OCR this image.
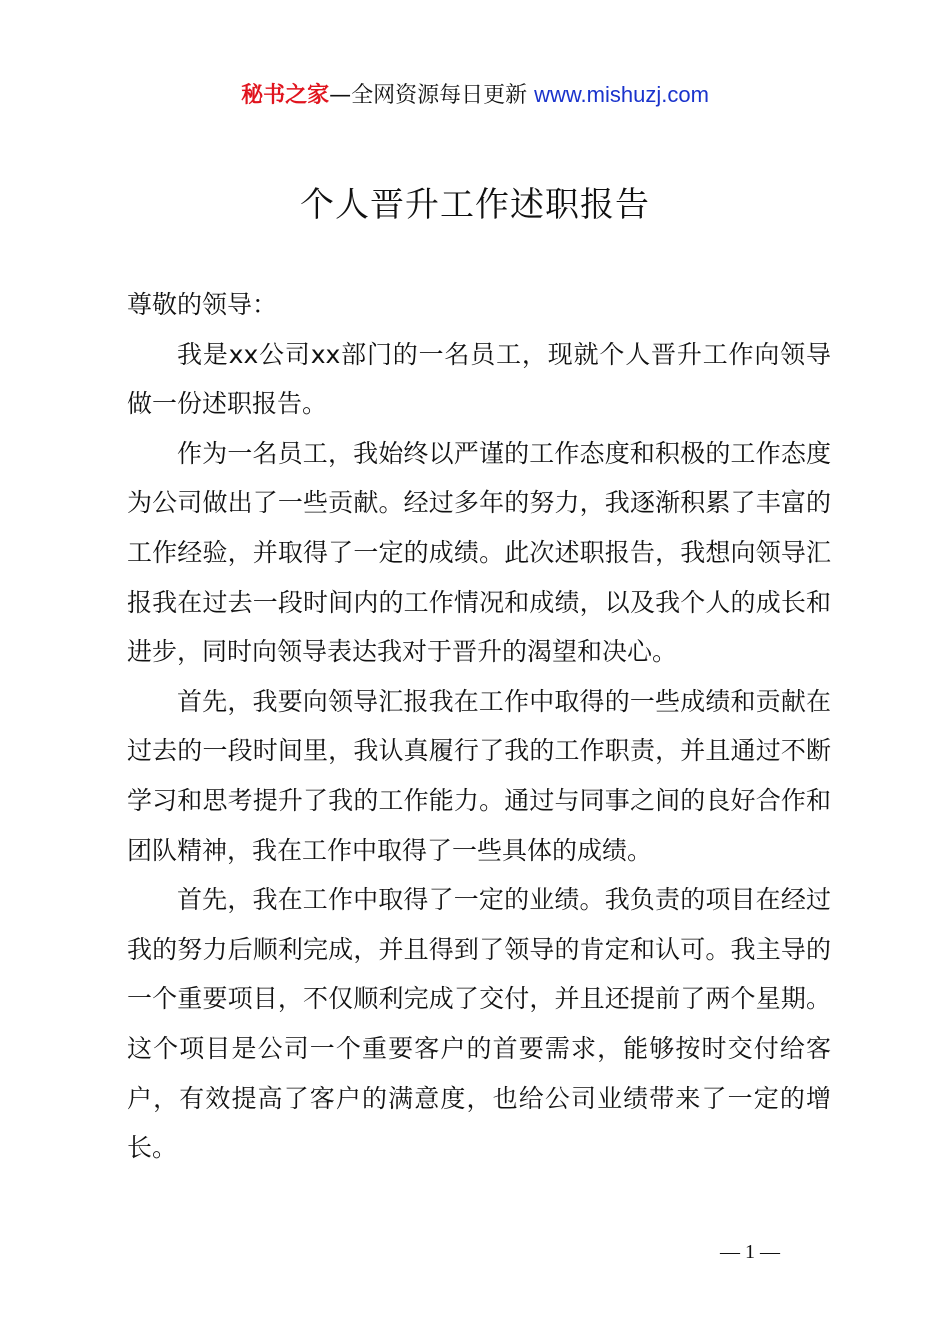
秘书之家—全网资源每日更新 www.mishuzj.com
个人晋升工作述职报告

尊敬的领导：

我是xx公司xx部门的一名员工，现就个人晋升工作向领导做一份述职报告。

作为一名员工，我始终以严谨的工作态度和积极的工作态度为公司做出了一些贡献。经过多年的努力，我逐渐积累了丰富的工作经验，并取得了一定的成绩。此次述职报告，我想向领导汇报我在过去一段时间内的工作情况和成绩，以及我个人的成长和进步，同时向领导表达我对于晋升的渴望和决心。

首先，我要向领导汇报我在工作中取得的一些成绩和贡献在过去的一段时间里，我认真履行了我的工作职责，并且通过不断学习和思考提升了我的工作能力。通过与同事之间的良好合作和团队精神，我在工作中取得了一些具体的成绩。

首先，我在工作中取得了一定的业绩。我负责的项目在经过我的努力后顺利完成，并且得到了领导的肯定和认可。我主导的一个重要项目，不仅顺利完成了交付，并且还提前了两个星期。这个项目是公司一个重要客户的首要需求，能够按时交付给客户，有效提高了客户的满意度，也给公司业绩带来了一定的增长。

— 1 —
